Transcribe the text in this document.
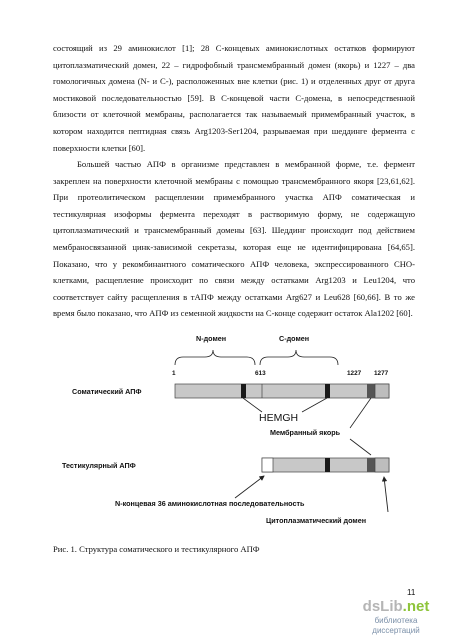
состоящий из 29 аминокислот [1]; 28 С-концевых аминокислотных остатков формируют цитоплазматический домен, 22 – гидрофобный трансмембранный домен (якорь) и 1227 – два гомологичных домена (N- и С-), расположенных вне клетки (рис. 1) и отделенных друг от друга мостиковой последовательностью [59]. В С-концевой части С-домена, в непосредственной близости от клеточной мембраны, располагается так называемый примембранный участок, в котором находится пептидная связь Arg1203-Ser1204, разрываемая при шеддинге фермента с поверхности клетки [60].

Большей частью АПФ в организме представлен в мембранной форме, т.е. фермент закреплен на поверхности клеточной мембраны с помощью трансмембранного якоря [23,61,62]. При протеолитическом расщеплении примембранного участка АПФ соматическая и тестикулярная изоформы фермента переходят в растворимую форму, не содержащую цитоплазматический и трансмембранный домены [63]. Шеддинг происходит под действием мембраносвязанной цинк-зависимой секретазы, которая еще не идентифицирована [64,65]. Показано, что у рекомбинантного соматического АПФ человека, экспрессированного CHO-клетками, расщепление происходит по связи между остатками Arg1203 и Leu1204, что соответствует сайту расщепления в тАПФ между остатками Arg627 и Leu628 [60,66]. В то же время было показано, что АПФ из семенной жидкости на С-конце содержит остаток Ala1202 [60].

N-домен	С-домен
1	613	1227 1277
Соматический АПФ
HEMGH
Мембранный якорь
Тестикулярный АПФ
N-концевая 36 аминокислотная последовательность
Цитоплазматический домен
Рис. 1. Структура соматического и тестикулярного АПФ
11
dsLib.net
библиотека диссертаций
